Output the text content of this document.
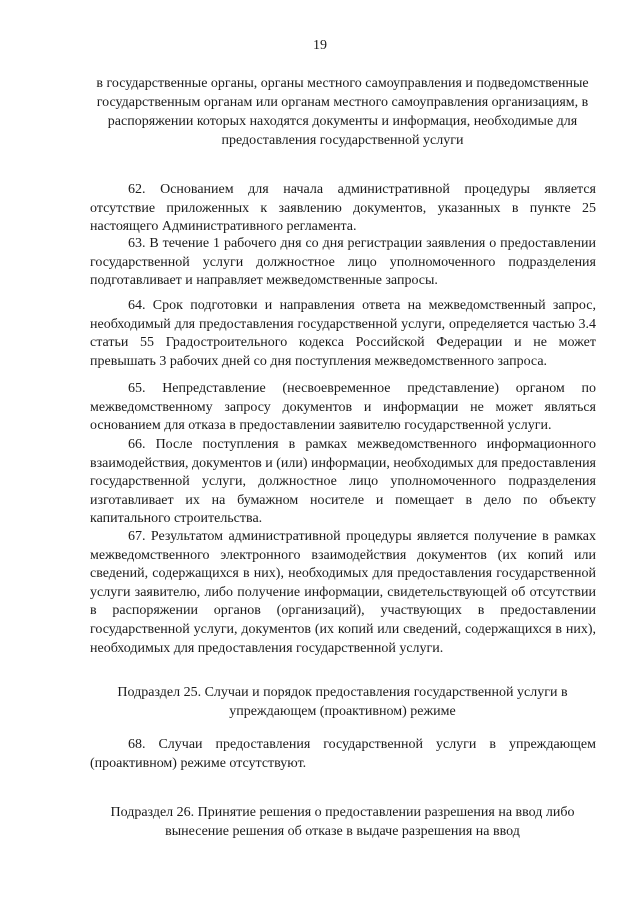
19
в государственные органы, органы местного самоуправления и подведомственные государственным органам или органам местного самоуправления организациям, в распоряжении которых находятся документы и информация, необходимые для предоставления государственной услуги
62. Основанием для начала административной процедуры является отсутствие приложенных к заявлению документов, указанных в пункте 25 настоящего Административного регламента.
63. В течение 1 рабочего дня со дня регистрации заявления о предоставлении государственной услуги должностное лицо уполномоченного подразделения подготавливает и направляет межведомственные запросы.
64. Срок подготовки и направления ответа на межведомственный запрос, необходимый для предоставления государственной услуги, определяется частью 3.4 статьи 55 Градостроительного кодекса Российской Федерации и не может превышать 3 рабочих дней со дня поступления межведомственного запроса.
65. Непредставление (несвоевременное представление) органом по межведомственному запросу документов и информации не может являться основанием для отказа в предоставлении заявителю государственной услуги.
66. После поступления в рамках межведомственного информационного взаимодействия, документов и (или) информации, необходимых для предоставления государственной услуги, должностное лицо уполномоченного подразделения изготавливает их на бумажном носителе и помещает в дело по объекту капитального строительства.
67. Результатом административной процедуры является получение в рамках межведомственного электронного взаимодействия документов (их копий или сведений, содержащихся в них), необходимых для предоставления государственной услуги заявителю, либо получение информации, свидетельствующей об отсутствии в распоряжении органов (организаций), участвующих в предоставлении государственной услуги, документов (их копий или сведений, содержащихся в них), необходимых для предоставления государственной услуги.
Подраздел 25. Случаи и порядок предоставления государственной услуги в упреждающем (проактивном) режиме
68. Случаи предоставления государственной услуги в упреждающем (проактивном) режиме отсутствуют.
Подраздел 26. Принятие решения о предоставлении разрешения на ввод либо вынесение решения об отказе в выдаче разрешения на ввод
